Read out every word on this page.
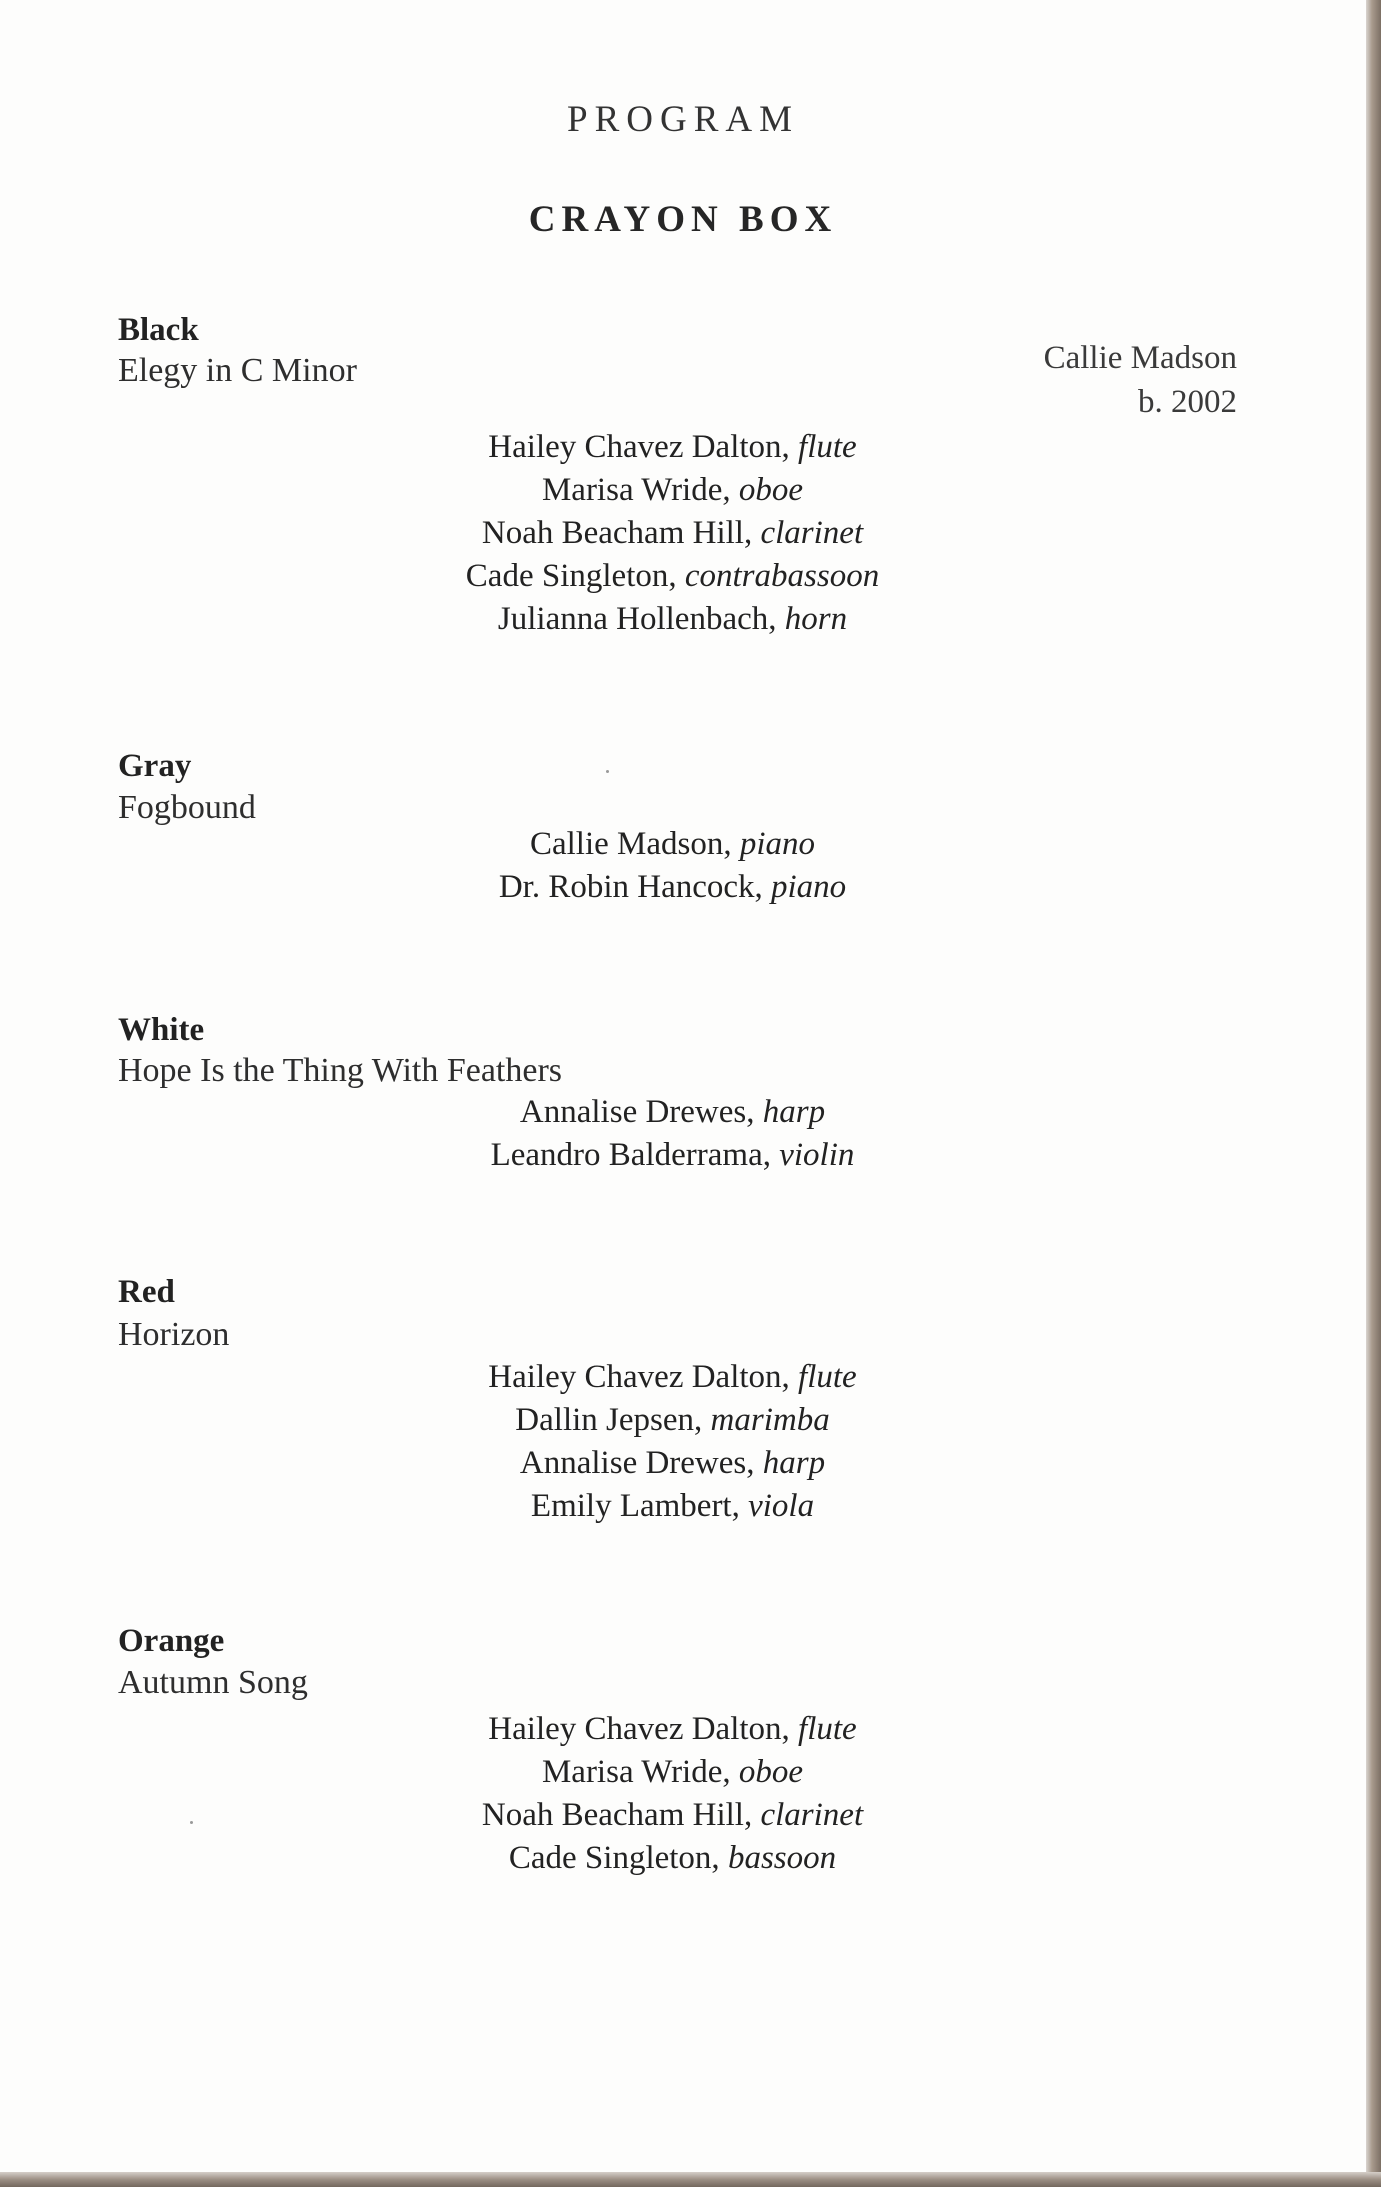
PROGRAM
CRAYON BOX
Black
Elegy in C Minor	Callie Madson
b. 2002
Hailey Chavez Dalton, flute
Marisa Wride, oboe
Noah Beacham Hill, clarinet
Cade Singleton, contrabassoon
Julianna Hollenbach, horn
Gray
Fogbound
Callie Madson, piano
Dr. Robin Hancock, piano
White
Hope Is the Thing With Feathers
Annalise Drewes, harp
Leandro Balderrama, violin
Red
Horizon
Hailey Chavez Dalton, flute
Dallin Jepsen, marimba
Annalise Drewes, harp
Emily Lambert, viola
Orange
Autumn Song
Hailey Chavez Dalton, flute
Marisa Wride, oboe
Noah Beacham Hill, clarinet
Cade Singleton, bassoon
